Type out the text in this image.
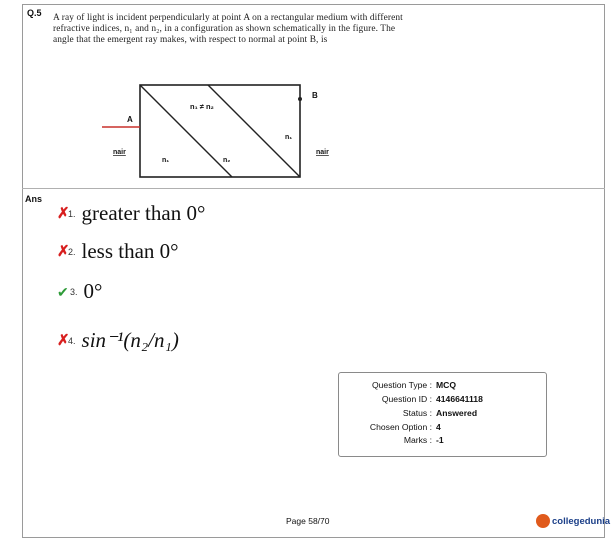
Q.5 A ray of light is incident perpendicularly at point A on a rectangular medium with different refractive indices, n₁ and n₂, in a configuration as shown schematically in the figure. The angle that the emergent ray makes, with respect to normal at point B, is
A
B
n₁ ≠ n₂
n₁	n₂
n₁
nair	nair
Ans
✗
1. greater than 0°
✗
2. less than 0°
✔ 3. 0°
✗
4. sin⁻¹(n₂/n₁)
Question Type : MCQ
Question ID : 4146641118
Status : Answered
Chosen Option : 4
Marks : -1
Page 58/70	collegedunia
